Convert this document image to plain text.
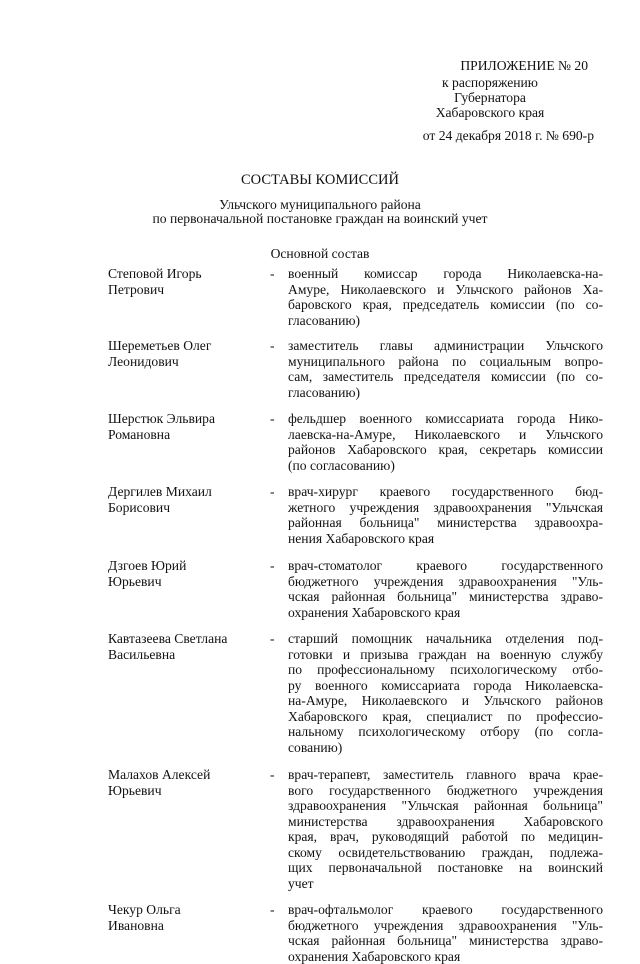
ПРИЛОЖЕНИЕ № 20
к распоряжению
Губернатора
Хабаровского края
от 24 декабря 2018 г. № 690-р
СОСТАВЫ КОМИССИЙ
Ульчского муниципального района
по первоначальной постановке граждан на воинский учет
Основной состав
Степовой Игорь
Петрович
- военный комиссар города Николаевска-на-
Амуре, Николаевского и Ульчского районов Ха-
баровского края, председатель комиссии (по со-
гласованию)
Шереметьев Олег
Леонидович
- заместитель главы администрации Ульчского
муниципального района по социальным вопро-
сам, заместитель председателя комиссии (по со-
гласованию)
Шерстюк Эльвира
Романовна
- фельдшер военного комиссариата города Нико-
лаевска-на-Амуре, Николаевского и Ульчского
районов Хабаровского края, секретарь комиссии
(по согласованию)
Дергилев Михаил
Борисович
- врач-хирург краевого государственного бюд-
жетного учреждения здравоохранения "Ульчская
районная больница" министерства здравоохра-
нения Хабаровского края
Дзгоев Юрий
Юрьевич
- врач-стоматолог краевого государственного
бюджетного учреждения здравоохранения "Уль-
чская районная больница" министерства здраво-
охранения Хабаровского края
Кавтазеева Светлана
Васильевна
- старший помощник начальника отделения под-
готовки и призыва граждан на военную службу
по профессиональному психологическому отбо-
ру военного комиссариата города Николаевска-
на-Амуре, Николаевского и Ульчского районов
Хабаровского края, специалист по профессио-
нальному психологическому отбору (по согла-
сованию)
Малахов Алексей
Юрьевич
- врач-терапевт, заместитель главного врача крае-
вого государственного бюджетного учреждения
здравоохранения "Ульчская районная больница"
министерства здравоохранения Хабаровского
края, врач, руководящий работой по медицин-
скому освидетельствованию граждан, подлежа-
щих первоначальной постановке на воинский
учет
Чекур Ольга
Ивановна
- врач-офтальмолог краевого государственного
бюджетного учреждения здравоохранения "Уль-
чская районная больница" министерства здраво-
охранения Хабаровского края
